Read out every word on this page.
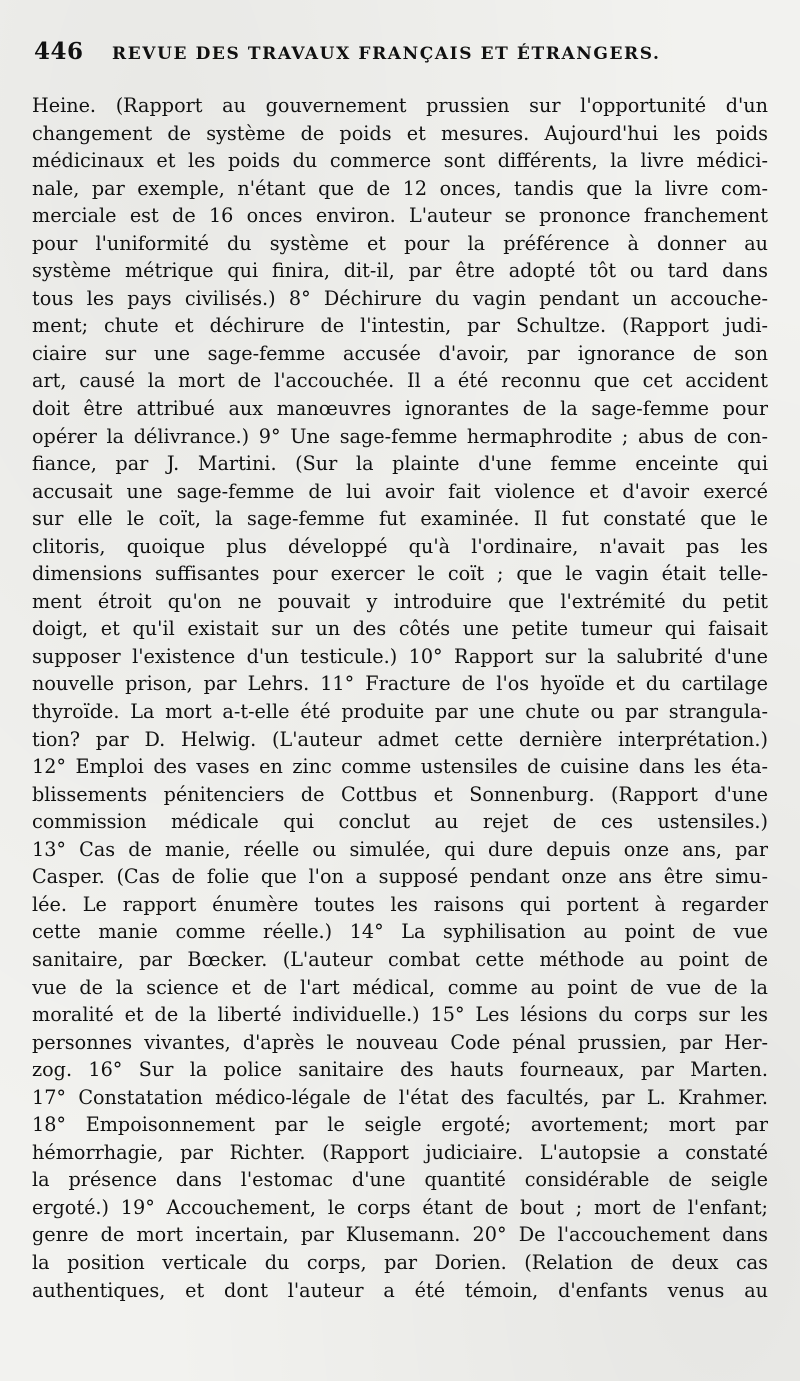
446	REVUE DES TRAVAUX FRANÇAIS ET ÉTRANGERS.
Heine. (Rapport au gouvernement prussien sur l'opportunité d'un
changement de système de poids et mesures. Aujourd'hui les poids
médicinaux et les poids du commerce sont différents, la livre médici-
nale, par exemple, n'étant que de 12 onces, tandis que la livre com-
merciale est de 16 onces environ. L'auteur se prononce franchement
pour l'uniformité du système et pour la préférence à donner au
système métrique qui finira, dit-il, par être adopté tôt ou tard dans
tous les pays civilisés.) 8° Déchirure du vagin pendant un accouche-
ment; chute et déchirure de l'intestin, par Schultze. (Rapport judi-
ciaire sur une sage-femme accusée d'avoir, par ignorance de son
art, causé la mort de l'accouchée. Il a été reconnu que cet accident
doit être attribué aux manœuvres ignorantes de la sage-femme pour
opérer la délivrance.) 9° Une sage-femme hermaphrodite ; abus de con-
fiance, par J. Martini. (Sur la plainte d'une femme enceinte qui
accusait une sage-femme de lui avoir fait violence et d'avoir exercé
sur elle le coït, la sage-femme fut examinée. Il fut constaté que le
clitoris, quoique plus développé qu'à l'ordinaire, n'avait pas les
dimensions suffisantes pour exercer le coït ; que le vagin était telle-
ment étroit qu'on ne pouvait y introduire que l'extrémité du petit
doigt, et qu'il existait sur un des côtés une petite tumeur qui faisait
supposer l'existence d'un testicule.) 10° Rapport sur la salubrité d'une
nouvelle prison, par Lehrs. 11° Fracture de l'os hyoïde et du cartilage
thyroïde. La mort a-t-elle été produite par une chute ou par strangula-
tion? par D. Helwig. (L'auteur admet cette dernière interprétation.)
12° Emploi des vases en zinc comme ustensiles de cuisine dans les éta-
blissements pénitenciers de Cottbus et Sonnenburg. (Rapport d'une
commission médicale qui conclut au rejet de ces ustensiles.)
13° Cas de manie, réelle ou simulée, qui dure depuis onze ans, par
Casper. (Cas de folie que l'on a supposé pendant onze ans être simu-
lée. Le rapport énumère toutes les raisons qui portent à regarder
cette manie comme réelle.) 14° La syphilisation au point de vue
sanitaire, par Bœcker. (L'auteur combat cette méthode au point de
vue de la science et de l'art médical, comme au point de vue de la
moralité et de la liberté individuelle.) 15° Les lésions du corps sur les
personnes vivantes, d'après le nouveau Code pénal prussien, par Her-
zog. 16° Sur la police sanitaire des hauts fourneaux, par Marten.
17° Constatation médico-légale de l'état des facultés, par L. Krahmer.
18° Empoisonnement par le seigle ergoté; avortement; mort par
hémorrhagie, par Richter. (Rapport judiciaire. L'autopsie a constaté
la présence dans l'estomac d'une quantité considérable de seigle
ergoté.) 19° Accouchement, le corps étant de bout ; mort de l'enfant;
genre de mort incertain, par Klusemann. 20° De l'accouchement dans
la position verticale du corps, par Dorien. (Relation de deux cas
authentiques, et dont l'auteur a été témoin, d'enfants venus au
